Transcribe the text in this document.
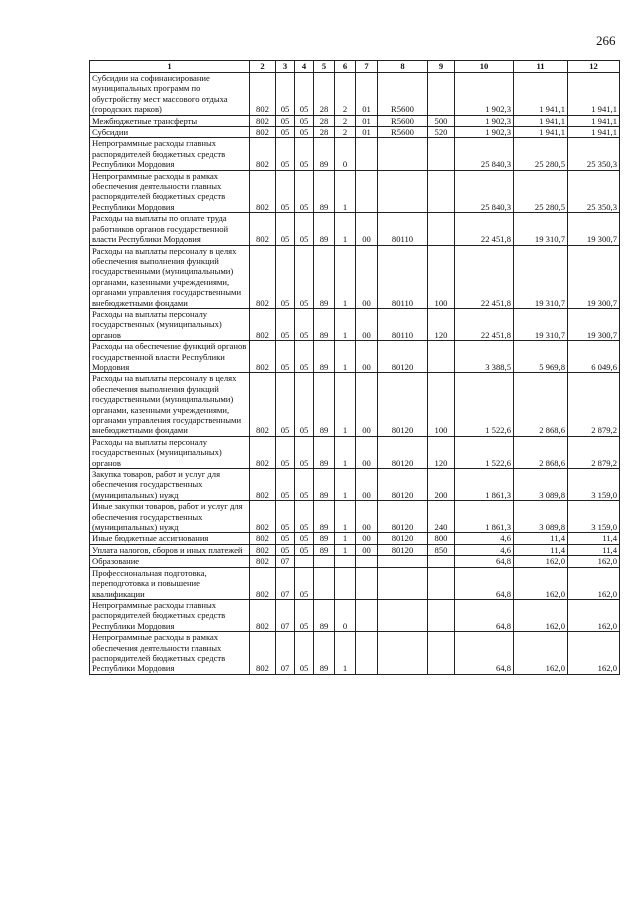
266
1	2	3	4	5	6	7	8	9	10	11	12
Субсидии на софинансирование муниципальных программ по обустройству мест массового отдыха (городских парков)	802	05	05	28	2	01	R5600		1 902,3	1 941,1	1 941,1
Межбюджетные трансферты	802	05	05	28	2	01	R5600	500	1 902,3	1 941,1	1 941,1
Субсидии	802	05	05	28	2	01	R5600	520	1 902,3	1 941,1	1 941,1
Непрограммные расходы главных распорядителей бюджетных средств Республики Мордовия	802	05	05	89	0				25 840,3	25 280,5	25 350,3
Непрограммные расходы в рамках обеспечения деятельности главных распорядителей бюджетных средств Республики Мордовия	802	05	05	89	1				25 840,3	25 280,5	25 350,3
Расходы на выплаты по оплате труда работников органов государственной власти Республики Мордовия	802	05	05	89	1	00	80110		22 451,8	19 310,7	19 300,7
Расходы на выплаты персоналу в целях обеспечения выполнения функций государственными (муниципальными) органами, казенными учреждениями, органами управления государственными внебюджетными фондами	802	05	05	89	1	00	80110	100	22 451,8	19 310,7	19 300,7
Расходы на выплаты персоналу государственных (муниципальных) органов	802	05	05	89	1	00	80110	120	22 451,8	19 310,7	19 300,7
Расходы на обеспечение функций органов государственной власти Республики Мордовия	802	05	05	89	1	00	80120		3 388,5	5 969,8	6 049,6
Расходы на выплаты персоналу в целях обеспечения выполнения функций государственными (муниципальными) органами, казенными учреждениями, органами управления государственными внебюджетными фондами	802	05	05	89	1	00	80120	100	1 522,6	2 868,6	2 879,2
Расходы на выплаты персоналу государственных (муниципальных) органов	802	05	05	89	1	00	80120	120	1 522,6	2 868,6	2 879,2
Закупка товаров, работ и услуг для обеспечения государственных (муниципальных) нужд	802	05	05	89	1	00	80120	200	1 861,3	3 089,8	3 159,0
Иные закупки товаров, работ и услуг для обеспечения государственных (муниципальных) нужд	802	05	05	89	1	00	80120	240	1 861,3	3 089,8	3 159,0
Иные бюджетные ассигнования	802	05	05	89	1	00	80120	800	4,6	11,4	11,4
Уплата налогов, сборов и иных платежей	802	05	05	89	1	00	80120	850	4,6	11,4	11,4
Образование	802	07							64,8	162,0	162,0
Профессиональная подготовка, переподготовка и повышение квалификации	802	07	05						64,8	162,0	162,0
Непрограммные расходы главных распорядителей бюджетных средств Республики Мордовия	802	07	05	89	0				64,8	162,0	162,0
Непрограммные расходы в рамках обеспечения деятельности главных распорядителей бюджетных средств Республики Мордовия	802	07	05	89	1				64,8	162,0	162,0
